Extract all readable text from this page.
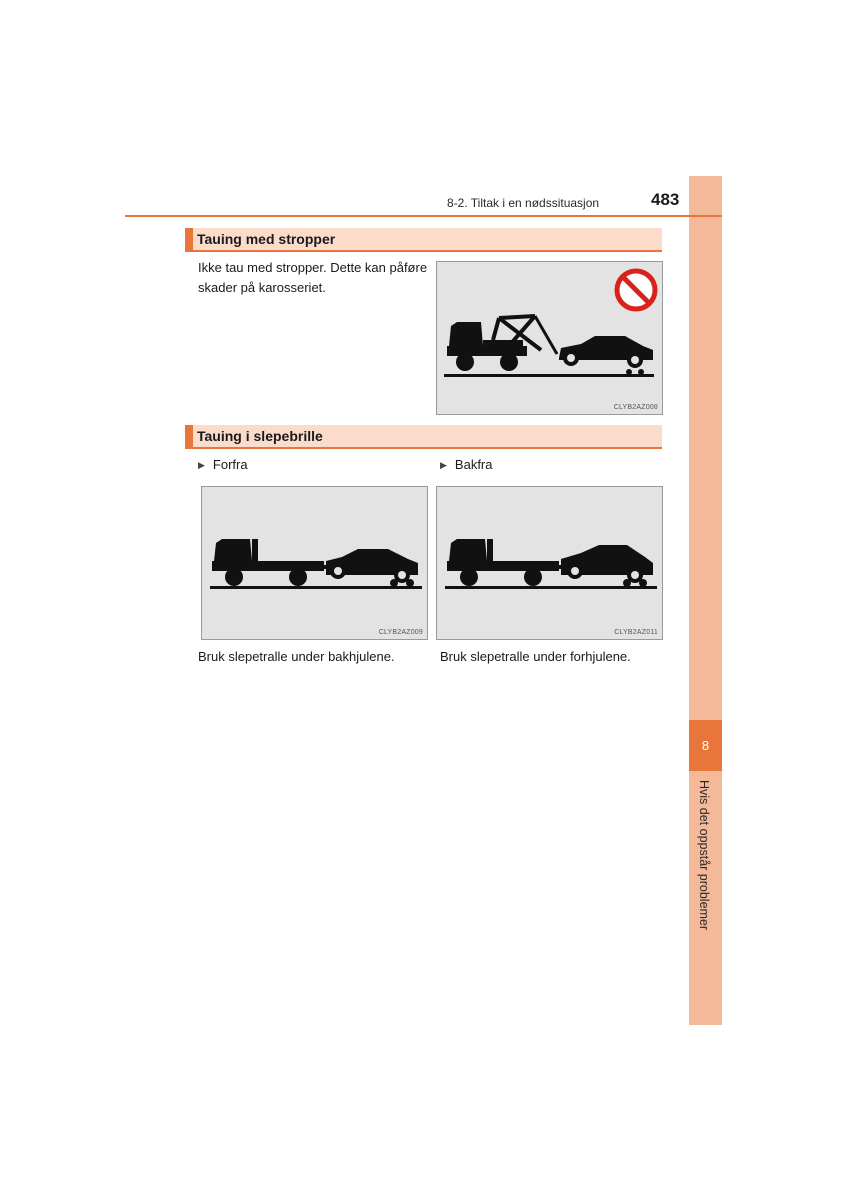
8
Hvis det oppstår problemer
8-2. Tiltak i en nødssituasjon	483
Tauing med stropper
Ikke tau med stropper. Dette kan påføre
skader på karosseriet.
CLYB2AZ008
Tauing i slepebrille
▶ Forfra	▶ Bakfra
CLYB2AZ009	CLYB2AZ011
Bruk slepetralle under bakhjulene.	Bruk slepetralle under forhjulene.
